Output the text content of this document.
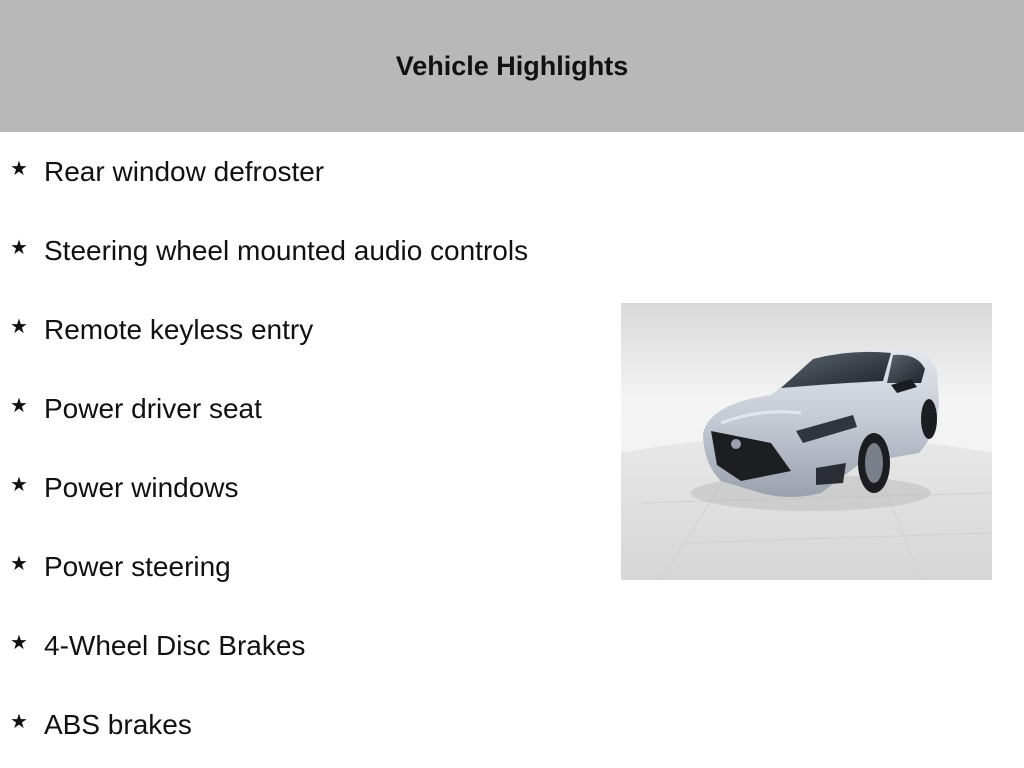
Vehicle Highlights
★ Rear window defroster
★ Steering wheel mounted audio controls
★ Remote keyless entry
★ Power driver seat
★ Power windows
★ Power steering
★ 4-Wheel Disc Brakes
★ ABS brakes
